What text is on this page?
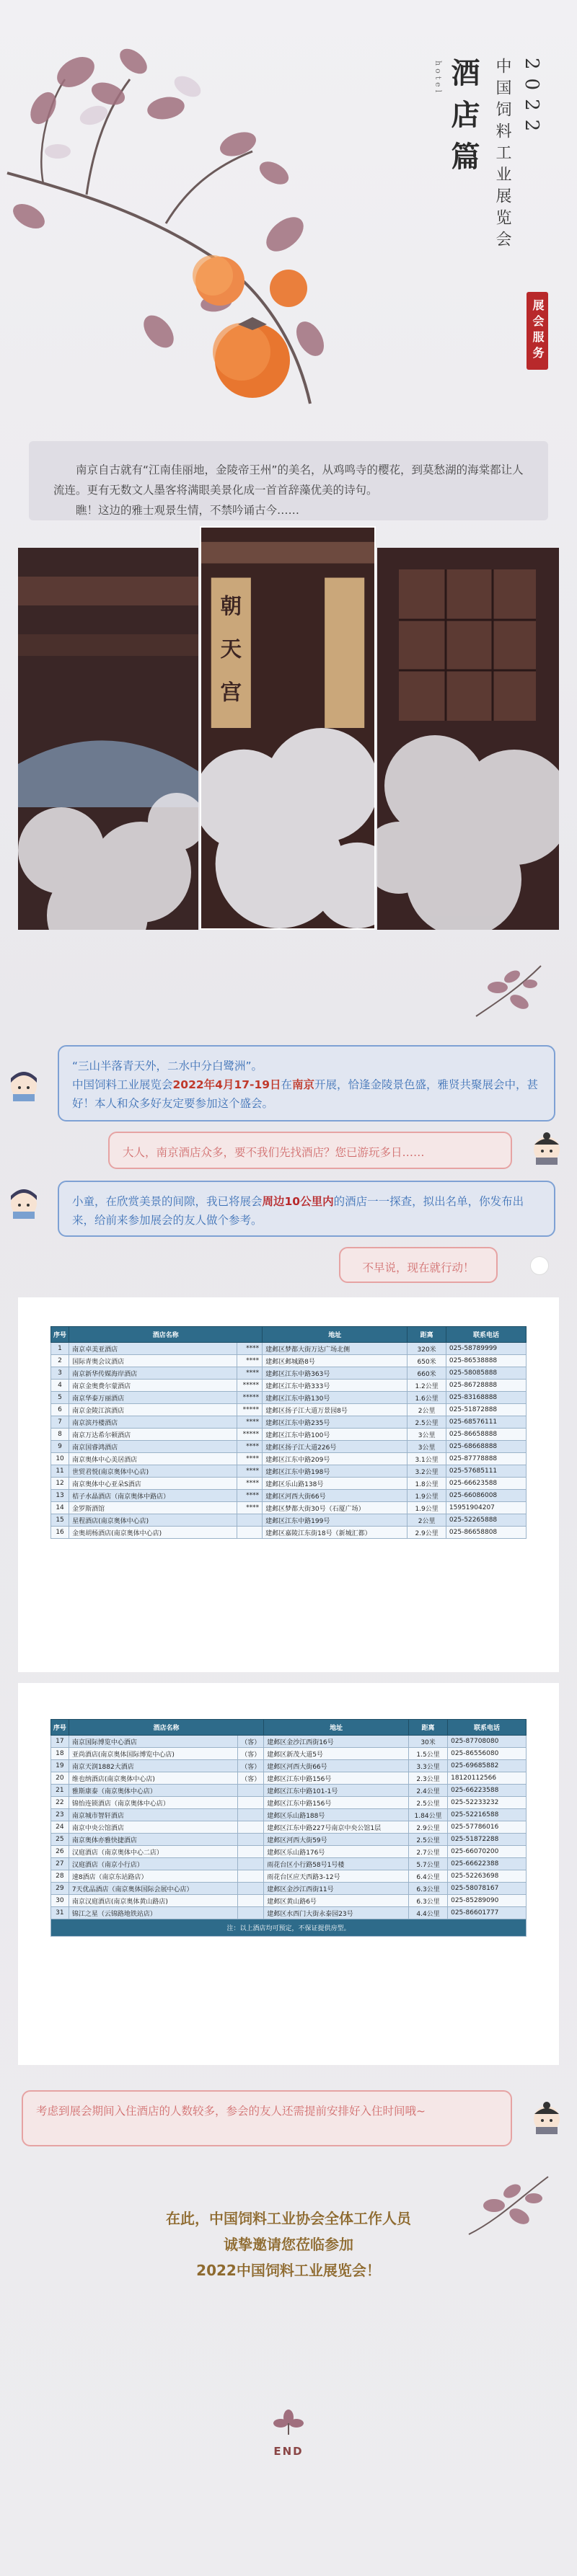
2022
中国饲料工业展览会
酒店篇
hotel
展会服务

南京自古就有“江南佳丽地，金陵帝王州”的美名，从鸡鸣寺的樱花，到莫愁湖的海棠都让人流连。更有无数文人墨客将满眼美景化成一首首辞藻优美的诗句。

瞧！这边的雅士观景生情，不禁吟诵古今……

朝
天
宫

“三山半落青天外，二水中分白鹭洲”。

中国饲料工业展览会2022年4月17-19日在南京开展，恰逢金陵景色盛，雅贤共聚展会中，甚好！本人和众多好友定要参加这个盛会。

大人，南京酒店众多，要不我们先找酒店？您已游玩多日……

小童，在欣赏美景的间隙，我已将展会周边10公里内的酒店一一探查，拟出名单，你发布出来，给前来参加展会的友人做个参考。

不早说，现在就行动！

序号	酒店名称		地址	距离	联系电话
1	南京卓美亚酒店	****	建邺区梦都大街万达广场北侧	320米	025-58789999
2	国际青奥会议酒店	****	建邺区邺城路8号	650米	025-86538888
3	南京新华传媒海岸酒店	****	建邺区江东中路363号	660米	025-58085888
4	南京金奥费尔蒙酒店	*****	建邺区江东中路333号	1.2公里	025-86728888
5	南京华泰万丽酒店	*****	建邺区江东中路130号	1.6公里	025-83168888
6	南京金陵江滨酒店	*****	建邺区扬子江大道万景园8号	2公里	025-51872888
7	南京滨丹楼酒店	****	建邺区江东中路235号	2.5公里	025-68576111
8	南京万达希尔顿酒店	*****	建邺区江东中路100号	3公里	025-86658888
9	南京国睿鸿酒店	****	建邺区扬子江大道226号	3公里	025-68668888
10	南京奥体中心美居酒店	****	建邺区江东中路209号	3.1公里	025-87778888
11	世贸君悦(南京奥体中心店)	****	建邺区江东中路198号	3.2公里	025-57685111
12	南京奥体中心亚朵S酒店	****	建邺区乐山路138号	1.8公里	025-66623588
13	桔子水晶酒店（南京奥体中路店）	****	建邺区河西大街66号	1.9公里	025-66086008
14	金罗斯酒馆	****	建邺区梦都大街30号（石厦广场）	1.9公里	15951904207
15	星程酒店(南京奥体中心店)		建邺区江东中路199号	2公里	025-52265888
16	金奥胡杨酒店(南京奥体中心店)		建邺区嘉陵江东街18号（新城汇都）	2.9公里	025-86658808
序号	酒店名称		地址	距离	联系电话
17	南京国际博览中心酒店	（客）	建邺区金沙江西街16号	30米	025-87708080
18	亚尚酒店(南京奥体国际博览中心店)	（客）	建邺区新茂大道5号	1.5公里	025-86556080
19	南京天润1882大酒店	（客）	建邺区河西大街66号	3.3公里	025-69685882
20	维也纳酒店(南京奥体中心店)	（客）	建邺区江东中路156号	2.3公里	18120112566
21	雅斯康泰（南京奥体中心店）		建邺区江东中路101-1号	2.4公里	025-66223588
22	锦怡连锁酒店（南京奥体中心店）		建邺区江东中路156号	2.5公里	025-52233232
23	南京城市智轩酒店		建邺区乐山路188号	1.84公里	025-52216588
24	南京中央公馆酒店		建邺区江东中路227号南京中央公馆1层	2.9公里	025-57786016
25	南京奥体亦雅快捷酒店		建邺区河西大街59号	2.5公里	025-51872288
26	汉庭酒店（南京奥体中心二店）		建邺区乐山路176号	2.7公里	025-66070200
27	汉庭酒店（南京小行店）		雨花台区小行路58号1号楼	5.7公里	025-66622388
28	速8酒店（南京东站路店）		雨花台区应天西路3-12号	6.4公里	025-52263698
29	7天优品酒店（南京奥体国际会展中心店）		建邺区金沙江西街11号	6.3公里	025-58078167
30	南京汉庭酒店(南京奥体黄山路店)		建邺区黄山路6号	6.3公里	025-85289090
31	锦江之星（云锦路地铁站店）		建邺区水西门大街永泰园23号	4.4公里	025-86601777
注：以上酒店均可预定，不保证提供房型。					

考虑到展会期间入住酒店的人数较多，参会的友人还需提前安排好入住时间哦~

在此，中国饲料工业协会全体工作人员

诚挚邀请您莅临参加

2022中国饲料工业展览会！

END
